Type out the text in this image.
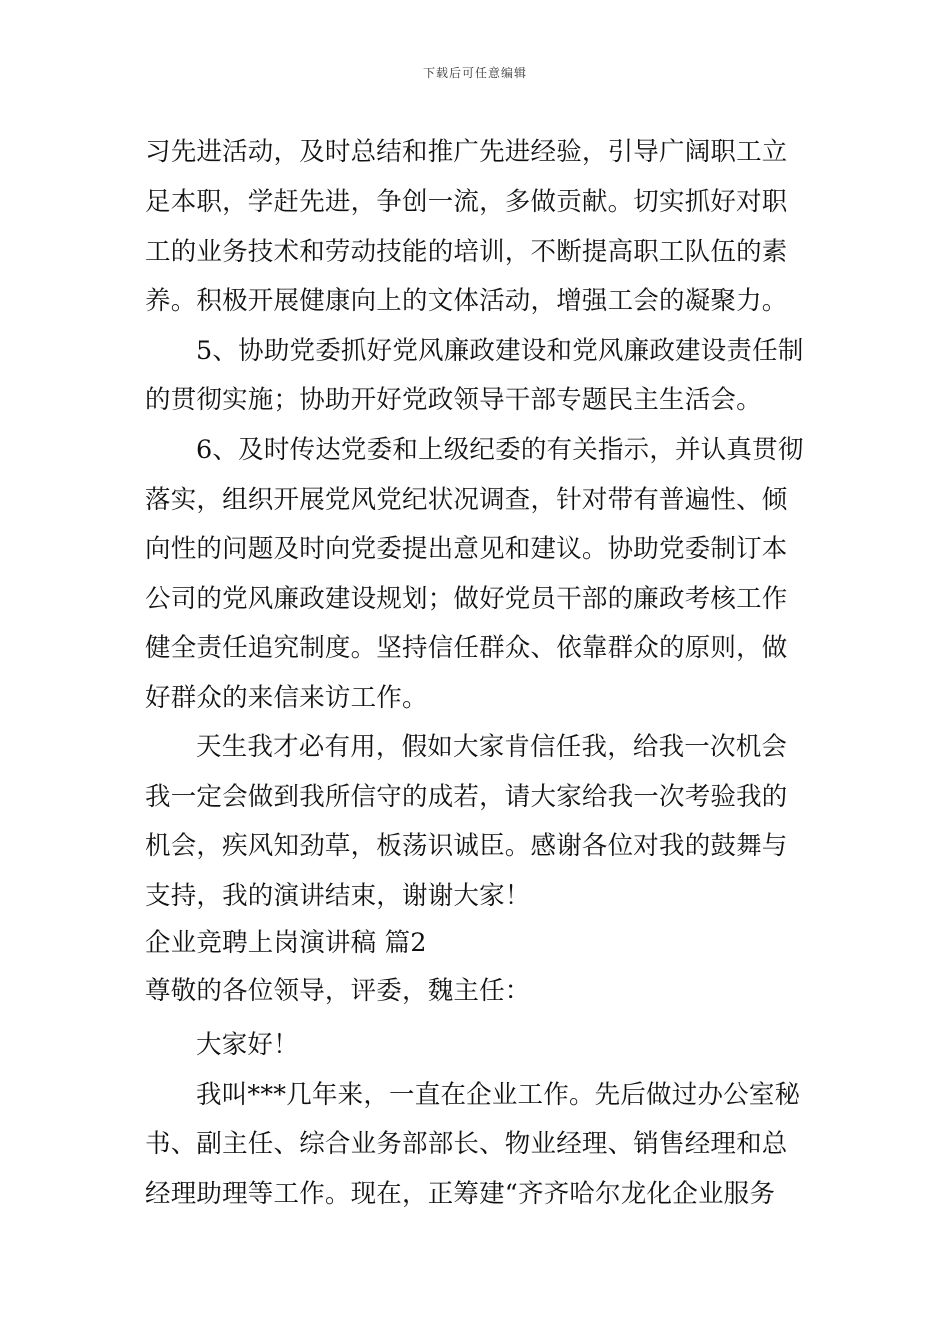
下载后可任意编辑
习先进活动，及时总结和推广先进经验，引导广阔职工立
足本职，学赶先进，争创一流，多做贡献。切实抓好对职
工的业务技术和劳动技能的培训，不断提高职工队伍的素
养。积极开展健康向上的文体活动，增强工会的凝聚力。
5、协助党委抓好党风廉政建设和党风廉政建设责任制
的贯彻实施；协助开好党政领导干部专题民主生活会。
6、及时传达党委和上级纪委的有关指示，并认真贯彻
落实，组织开展党风党纪状况调查，针对带有普遍性、倾
向性的问题及时向党委提出意见和建议。协助党委制订本
公司的党风廉政建设规划；做好党员干部的廉政考核工作
健全责任追究制度。坚持信任群众、依靠群众的原则，做
好群众的来信来访工作。
天生我才必有用，假如大家肯信任我，给我一次机会
我一定会做到我所信守的成若，请大家给我一次考验我的
机会，疾风知劲草，板荡识诚臣。感谢各位对我的鼓舞与
支持，我的演讲结束，谢谢大家！
企业竞聘上岗演讲稿 篇2
尊敬的各位领导，评委，魏主任：
大家好！
我叫***几年来，一直在企业工作。先后做过办公室秘
书、副主任、综合业务部部长、物业经理、销售经理和总
经理助理等工作。现在，正筹建“齐齐哈尔龙化企业服务
